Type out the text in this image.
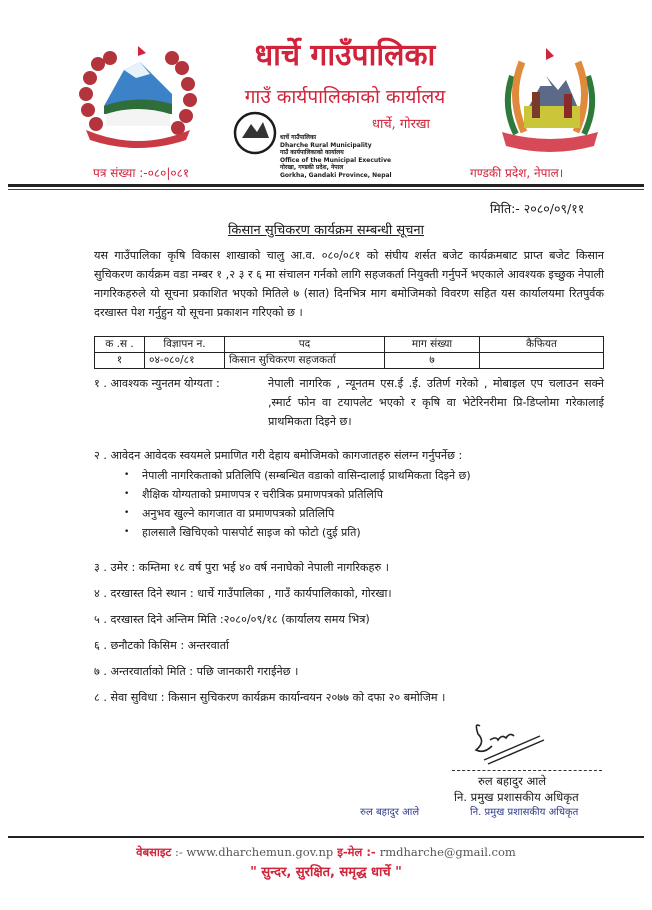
धार्चे गाउँपालिका
गाउँ कार्यपालिकाको कार्यालय
धार्चे, गोरखा
धार्चे गाउँपालिका
Dharche Rural Municipality
गाउँ कार्यपालिकाको कार्यालय
Office of the Municipal Executive
गोरखा, गण्डकी प्रदेश, नेपाल
Gorkha, Gandaki Province, Nepal
पत्र संख्या :-०८०|०८१	गण्डकी प्रदेश, नेपाल।
मिति:- २०८०/०९/११
किसान सुचिकरण कार्यक्रम सम्बन्धी सूचना
यस गाउँपालिका कृषि विकास शाखाको चालु आ.व. ०८०/०८१ को संघीय शर्सत बजेट कार्यक्रमबाट प्राप्त बजेट किसान सुचिकरण कार्यक्रम वडा नम्बर १ ,२ ३ र ६ मा संचालन गर्नको लागि सहजकर्ता नियुक्ती गर्नुपर्ने भएकाले आवश्यक इच्छुक नेपाली नागरिकहरुले यो सूचना प्रकाशित भएको मितिले ७ (सात) दिनभित्र माग बमोजिमको विवरण सहित यस कार्यालयमा रितपुर्वक दरखास्त पेश गर्नुहुन यो सूचना प्रकाशन गरिएको छ ।
क .स .	विज्ञापन न.	पद	माग संख्या	कैफियत
१	०४-०८०/८१	किसान सुचिकरण सहजकर्ता	७	
१ . आवश्यक न्युनतम योग्यता :	नेपाली नागरिक , न्यूनतम एस.ई .ई. उतिर्ण गरेको , मोबाइल एप चलाउन सक्ने ,स्मार्ट फोन वा टयापलेट भएको र कृषि वा भेटेरिनरीमा प्रि-डिप्लोमा गरेकालाई प्राथमिकता दिइने छ।
२ . आवेदन आवेदक स्वयमले प्रमाणित गरी देहाय बमोजिमको कागजातहरु संलग्न गर्नुपर्नेछ :
• नेपाली नागरिकताको प्रतिलिपि (सम्बन्धित वडाको वासिन्दालाई प्राथमिकता दिइने छ)
• शैक्षिक योग्यताको प्रमाणपत्र र चरीत्रिक प्रमाणपत्रको प्रतिलिपि
• अनुभव खुल्ने कागजात वा प्रमाणपत्रको प्रतिलिपि
• हालसालै खिचिएको पासपोर्ट साइज को फोटो (दुई प्रति)
३ . उमेर : कम्तिमा १८ वर्ष पुरा भई ४० वर्ष ननाघेको नेपाली नागरिकहरु ।
४ . दरखास्त दिने स्थान : धार्चे गाउँपालिका , गाउँ कार्यपालिकाको, गोरखा।
५ . दरखास्त दिने अन्तिम मिति :२०८०/०९/१८ (कार्यालय समय भित्र)
६ . छनौटको किसिम : अन्तरवार्ता
७ . अन्तरवार्ताको मिति : पछि जानकारी गराईनेछ ।
८ . सेवा सुविधा : किसान सुचिकरण कार्यक्रम कार्यान्वयन २०७७ को दफा २० बमोजिम ।
रुल बहादुर आले
नि. प्रमुख प्रशासकीय अधिकृत
रुल बहादुर आले	नि. प्रमुख प्रशासकीय अधिकृत
वेबसाइट :- www.dharchemun.gov.np इ-मेल :- rmdharche@gmail.com
" सुन्दर, सुरक्षित, समृद्ध धार्चे "
